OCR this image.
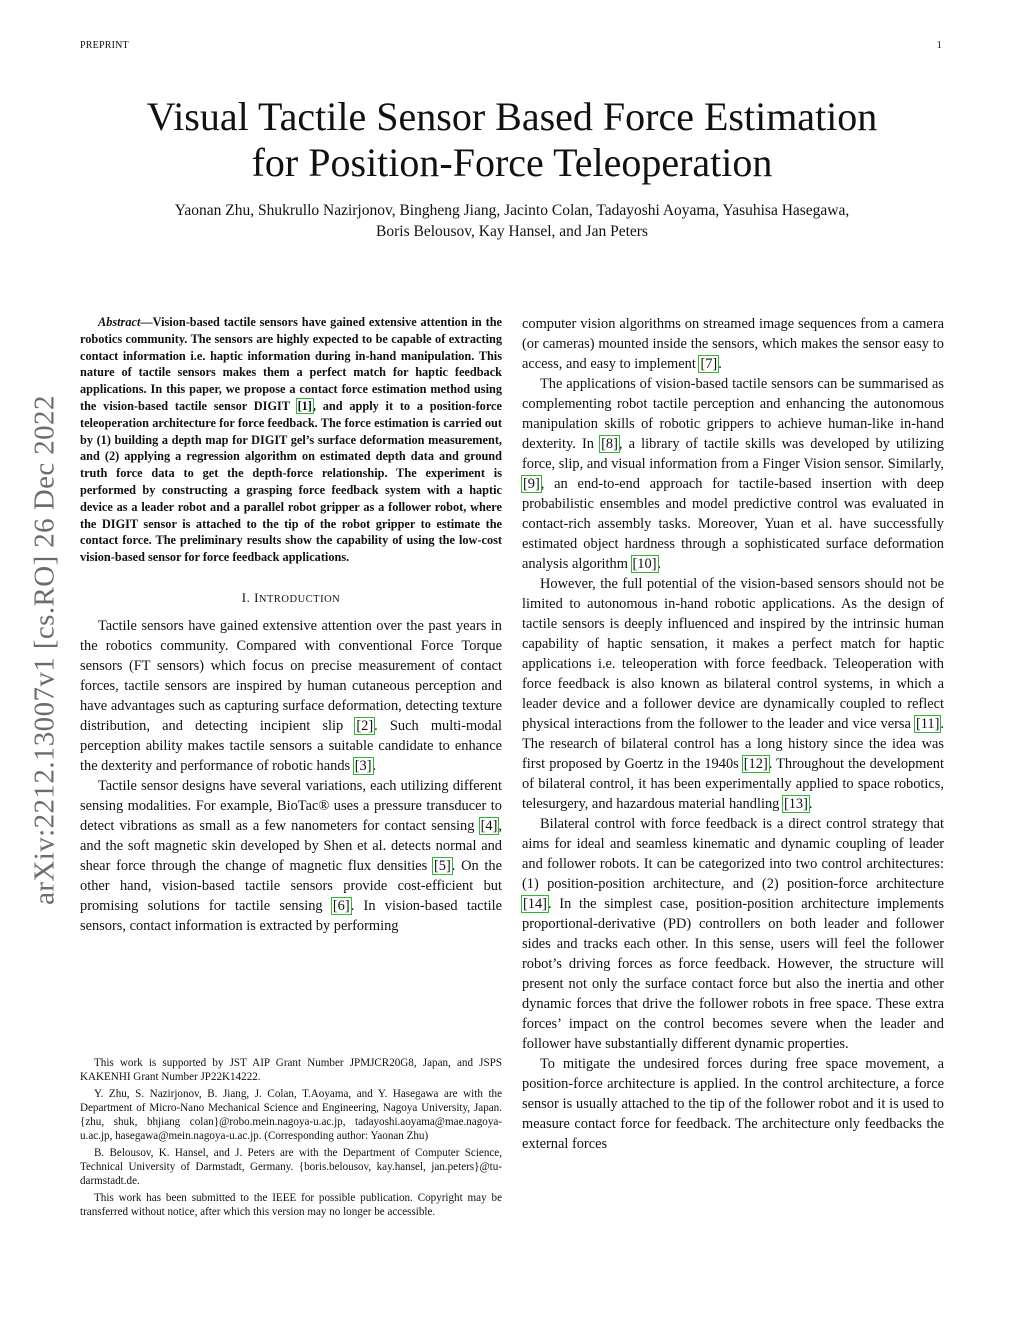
PREPRINT	1
arXiv:2212.13007v1 [cs.RO] 26 Dec 2022
Visual Tactile Sensor Based Force Estimation
for Position-Force Teleoperation

Yaonan Zhu, Shukrullo Nazirjonov, Bingheng Jiang, Jacinto Colan, Tadayoshi Aoyama, Yasuhisa Hasegawa,
Boris Belousov, Kay Hansel, and Jan Peters

Abstract—Vision-based tactile sensors have gained extensive attention in the robotics community. The sensors are highly expected to be capable of extracting contact information i.e. haptic information during in-hand manipulation. This nature of tactile sensors makes them a perfect match for haptic feedback applications. In this paper, we propose a contact force estimation method using the vision-based tactile sensor DIGIT [1], and apply it to a position-force teleoperation architecture for force feedback. The force estimation is carried out by (1) building a depth map for DIGIT gel’s surface deformation measurement, and (2) applying a regression algorithm on estimated depth data and ground truth force data to get the depth-force relationship. The experiment is performed by constructing a grasping force feedback system with a haptic device as a leader robot and a parallel robot gripper as a follower robot, where the DIGIT sensor is attached to the tip of the robot gripper to estimate the contact force. The preliminary results show the capability of using the low-cost vision-based sensor for force feedback applications.

I. INTRODUCTION

Tactile sensors have gained extensive attention over the past years in the robotics community. Compared with conventional Force Torque sensors (FT sensors) which focus on precise measurement of contact forces, tactile sensors are inspired by human cutaneous perception and have advantages such as capturing surface deformation, detecting texture distribution, and detecting incipient slip [2]. Such multi-modal perception ability makes tactile sensors a suitable candidate to enhance the dexterity and performance of robotic hands [3].

Tactile sensor designs have several variations, each utilizing different sensing modalities. For example, BioTac® uses a pressure transducer to detect vibrations as small as a few nanometers for contact sensing [4], and the soft magnetic skin developed by Shen et al. detects normal and shear force through the change of magnetic flux densities [5]. On the other hand, vision-based tactile sensors provide cost-efficient but promising solutions for tactile sensing [6]. In vision-based tactile sensors, contact information is extracted by performing

This work is supported by JST AIP Grant Number JPMJCR20G8, Japan, and JSPS KAKENHI Grant Number JP22K14222.

Y. Zhu, S. Nazirjonov, B. Jiang, J. Colan, T.Aoyama, and Y. Hasegawa are with the Department of Micro-Nano Mechanical Science and Engineering, Nagoya University, Japan. {zhu, shuk, bhjiang colan}@robo.mein.nagoya-u.ac.jp, tadayoshi.aoyama@mae.nagoya-u.ac.jp, hasegawa@mein.nagoya-u.ac.jp. (Corresponding author: Yaonan Zhu)

B. Belousov, K. Hansel, and J. Peters are with the Department of Computer Science, Technical University of Darmstadt, Germany. {boris.belousov, kay.hansel, jan.peters}@tu-darmstadt.de.

This work has been submitted to the IEEE for possible publication. Copyright may be transferred without notice, after which this version may no longer be accessible.

computer vision algorithms on streamed image sequences from a camera (or cameras) mounted inside the sensors, which makes the sensor easy to access, and easy to implement [7].

The applications of vision-based tactile sensors can be summarised as complementing robot tactile perception and enhancing the autonomous manipulation skills of robotic grippers to achieve human-like in-hand dexterity. In [8], a library of tactile skills was developed by utilizing force, slip, and visual information from a Finger Vision sensor. Similarly, [9], an end-to-end approach for tactile-based insertion with deep probabilistic ensembles and model predictive control was evaluated in contact-rich assembly tasks. Moreover, Yuan et al. have successfully estimated object hardness through a sophisticated surface deformation analysis algorithm [10].

However, the full potential of the vision-based sensors should not be limited to autonomous in-hand robotic applications. As the design of tactile sensors is deeply influenced and inspired by the intrinsic human capability of haptic sensation, it makes a perfect match for haptic applications i.e. teleoperation with force feedback. Teleoperation with force feedback is also known as bilateral control systems, in which a leader device and a follower device are dynamically coupled to reflect physical interactions from the follower to the leader and vice versa [11]. The research of bilateral control has a long history since the idea was first proposed by Goertz in the 1940s [12]. Throughout the development of bilateral control, it has been experimentally applied to space robotics, telesurgery, and hazardous material handling [13].

Bilateral control with force feedback is a direct control strategy that aims for ideal and seamless kinematic and dynamic coupling of leader and follower robots. It can be categorized into two control architectures: (1) position-position architecture, and (2) position-force architecture [14]. In the simplest case, position-position architecture implements proportional-derivative (PD) controllers on both leader and follower sides and tracks each other. In this sense, users will feel the follower robot’s driving forces as force feedback. However, the structure will present not only the surface contact force but also the inertia and other dynamic forces that drive the follower robots in free space. These extra forces’ impact on the control becomes severe when the leader and follower have substantially different dynamic properties.

To mitigate the undesired forces during free space movement, a position-force architecture is applied. In the control architecture, a force sensor is usually attached to the tip of the follower robot and it is used to measure contact force for feedback. The architecture only feedbacks the external forces
